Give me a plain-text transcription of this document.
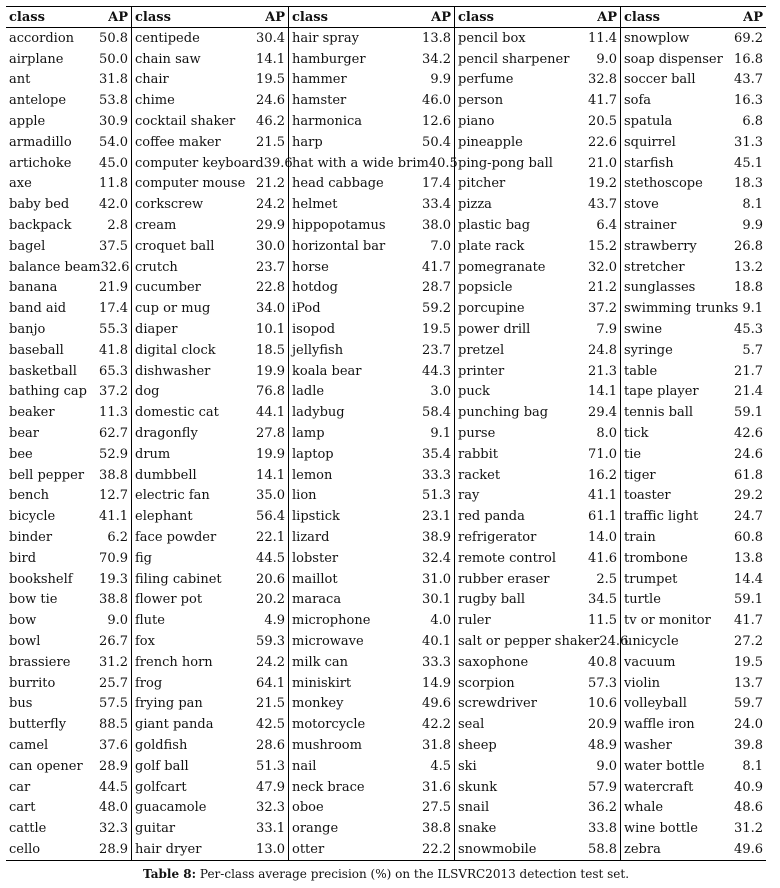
class	AP
accordion 50.8
airplane	50.0
ant	31.8
antelope	53.8
apple	30.9
armadillo 54.0
artichoke 45.0
axe	11.8
baby bed 42.0
backpack	2.8
bagel	37.5
balance beam 32.6
banana	21.9
band aid	17.4
banjo	55.3
baseball	41.8
basketball 65.3
bathing cap 37.2
beaker	11.3
bear	62.7
bee	52.9
bell pepper 38.8
bench	12.7
bicycle	41.1
binder	6.2
bird	70.9
bookshelf 19.3
bow tie	38.8
bow	9.0
bowl	26.7
brassiere 31.2
burrito	25.7
bus	57.5
butterfly	88.5
camel	37.6
can opener 28.9
car	44.5
cart	48.0
cattle	32.3
cello	28.9
class	AP
centipede	30.4
chain saw	14.1
chair	19.5
chime	24.6
cocktail shaker 46.2
coffee maker	21.5
computer keyboard 39.6
computer mouse 21.2
corkscrew	24.2
cream	29.9
croquet ball	30.0
crutch	23.7
cucumber	22.8
cup or mug	34.0
diaper	10.1
digital clock	18.5
dishwasher	19.9
dog	76.8
domestic cat	44.1
dragonfly	27.8
drum	19.9
dumbbell	14.1
electric fan	35.0
elephant	56.4
face powder	22.1
fig	44.5
filing cabinet	20.6
flower pot	20.2
flute	4.9
fox	59.3
french horn	24.2
frog	64.1
frying pan	21.5
giant panda	42.5
goldfish	28.6
golf ball	51.3
golfcart	47.9
guacamole	32.3
guitar	33.1
hair dryer	13.0
class	AP
hair spray	13.8
hamburger	34.2
hammer	9.9
hamster	46.0
harmonica	12.6
harp	50.4
hat with a wide brim 40.5
head cabbage	17.4
helmet	33.4
hippopotamus	38.0
horizontal bar	7.0
horse	41.7
hotdog	28.7
iPod	59.2
isopod	19.5
jellyfish	23.7
koala bear	44.3
ladle	3.0
ladybug	58.4
lamp	9.1
laptop	35.4
lemon	33.3
lion	51.3
lipstick	23.1
lizard	38.9
lobster	32.4
maillot	31.0
maraca	30.1
microphone	4.0
microwave	40.1
milk can	33.3
miniskirt	14.9
monkey	49.6
motorcycle	42.2
mushroom	31.8
nail	4.5
neck brace	31.6
oboe	27.5
orange	38.8
otter	22.2
class	AP
pencil box	11.4
pencil sharpener 9.0
perfume	32.8
person	41.7
piano	20.5
pineapple	22.6
ping-pong ball	21.0
pitcher	19.2
pizza	43.7
plastic bag	6.4
plate rack	15.2
pomegranate	32.0
popsicle	21.2
porcupine	37.2
power drill	7.9
pretzel	24.8
printer	21.3
puck	14.1
punching bag	29.4
purse	8.0
rabbit	71.0
racket	16.2
ray	41.1
red panda	61.1
refrigerator	14.0
remote control 41.6
rubber eraser	2.5
rugby ball	34.5
ruler	11.5
salt or pepper shaker 24.6
saxophone	40.8
scorpion	57.3
screwdriver	10.6
seal	20.9
sheep	48.9
ski	9.0
skunk	57.9
snail	36.2
snake	33.8
snowmobile	58.8
class	AP
snowplow	69.2
soap dispenser 16.8
soccer ball	43.7
sofa	16.3
spatula	6.8
squirrel	31.3
starfish	45.1
stethoscope 18.3
stove	8.1
strainer	9.9
strawberry	26.8
stretcher	13.2
sunglasses	18.8
swimming trunks 9.1
swine	45.3
syringe	5.7
table	21.7
tape player	21.4
tennis ball	59.1
tick	42.6
tie	24.6
tiger	61.8
toaster	29.2
traffic light	24.7
train	60.8
trombone	13.8
trumpet	14.4
turtle	59.1
tv or monitor 41.7
unicycle	27.2
vacuum	19.5
violin	13.7
volleyball	59.7
waffle iron	24.0
washer	39.8
water bottle	8.1
watercraft	40.9
whale	48.6
wine bottle	31.2
zebra	49.6
Table 8: Per-class average precision (%) on the ILSVRC2013 detection test set.
